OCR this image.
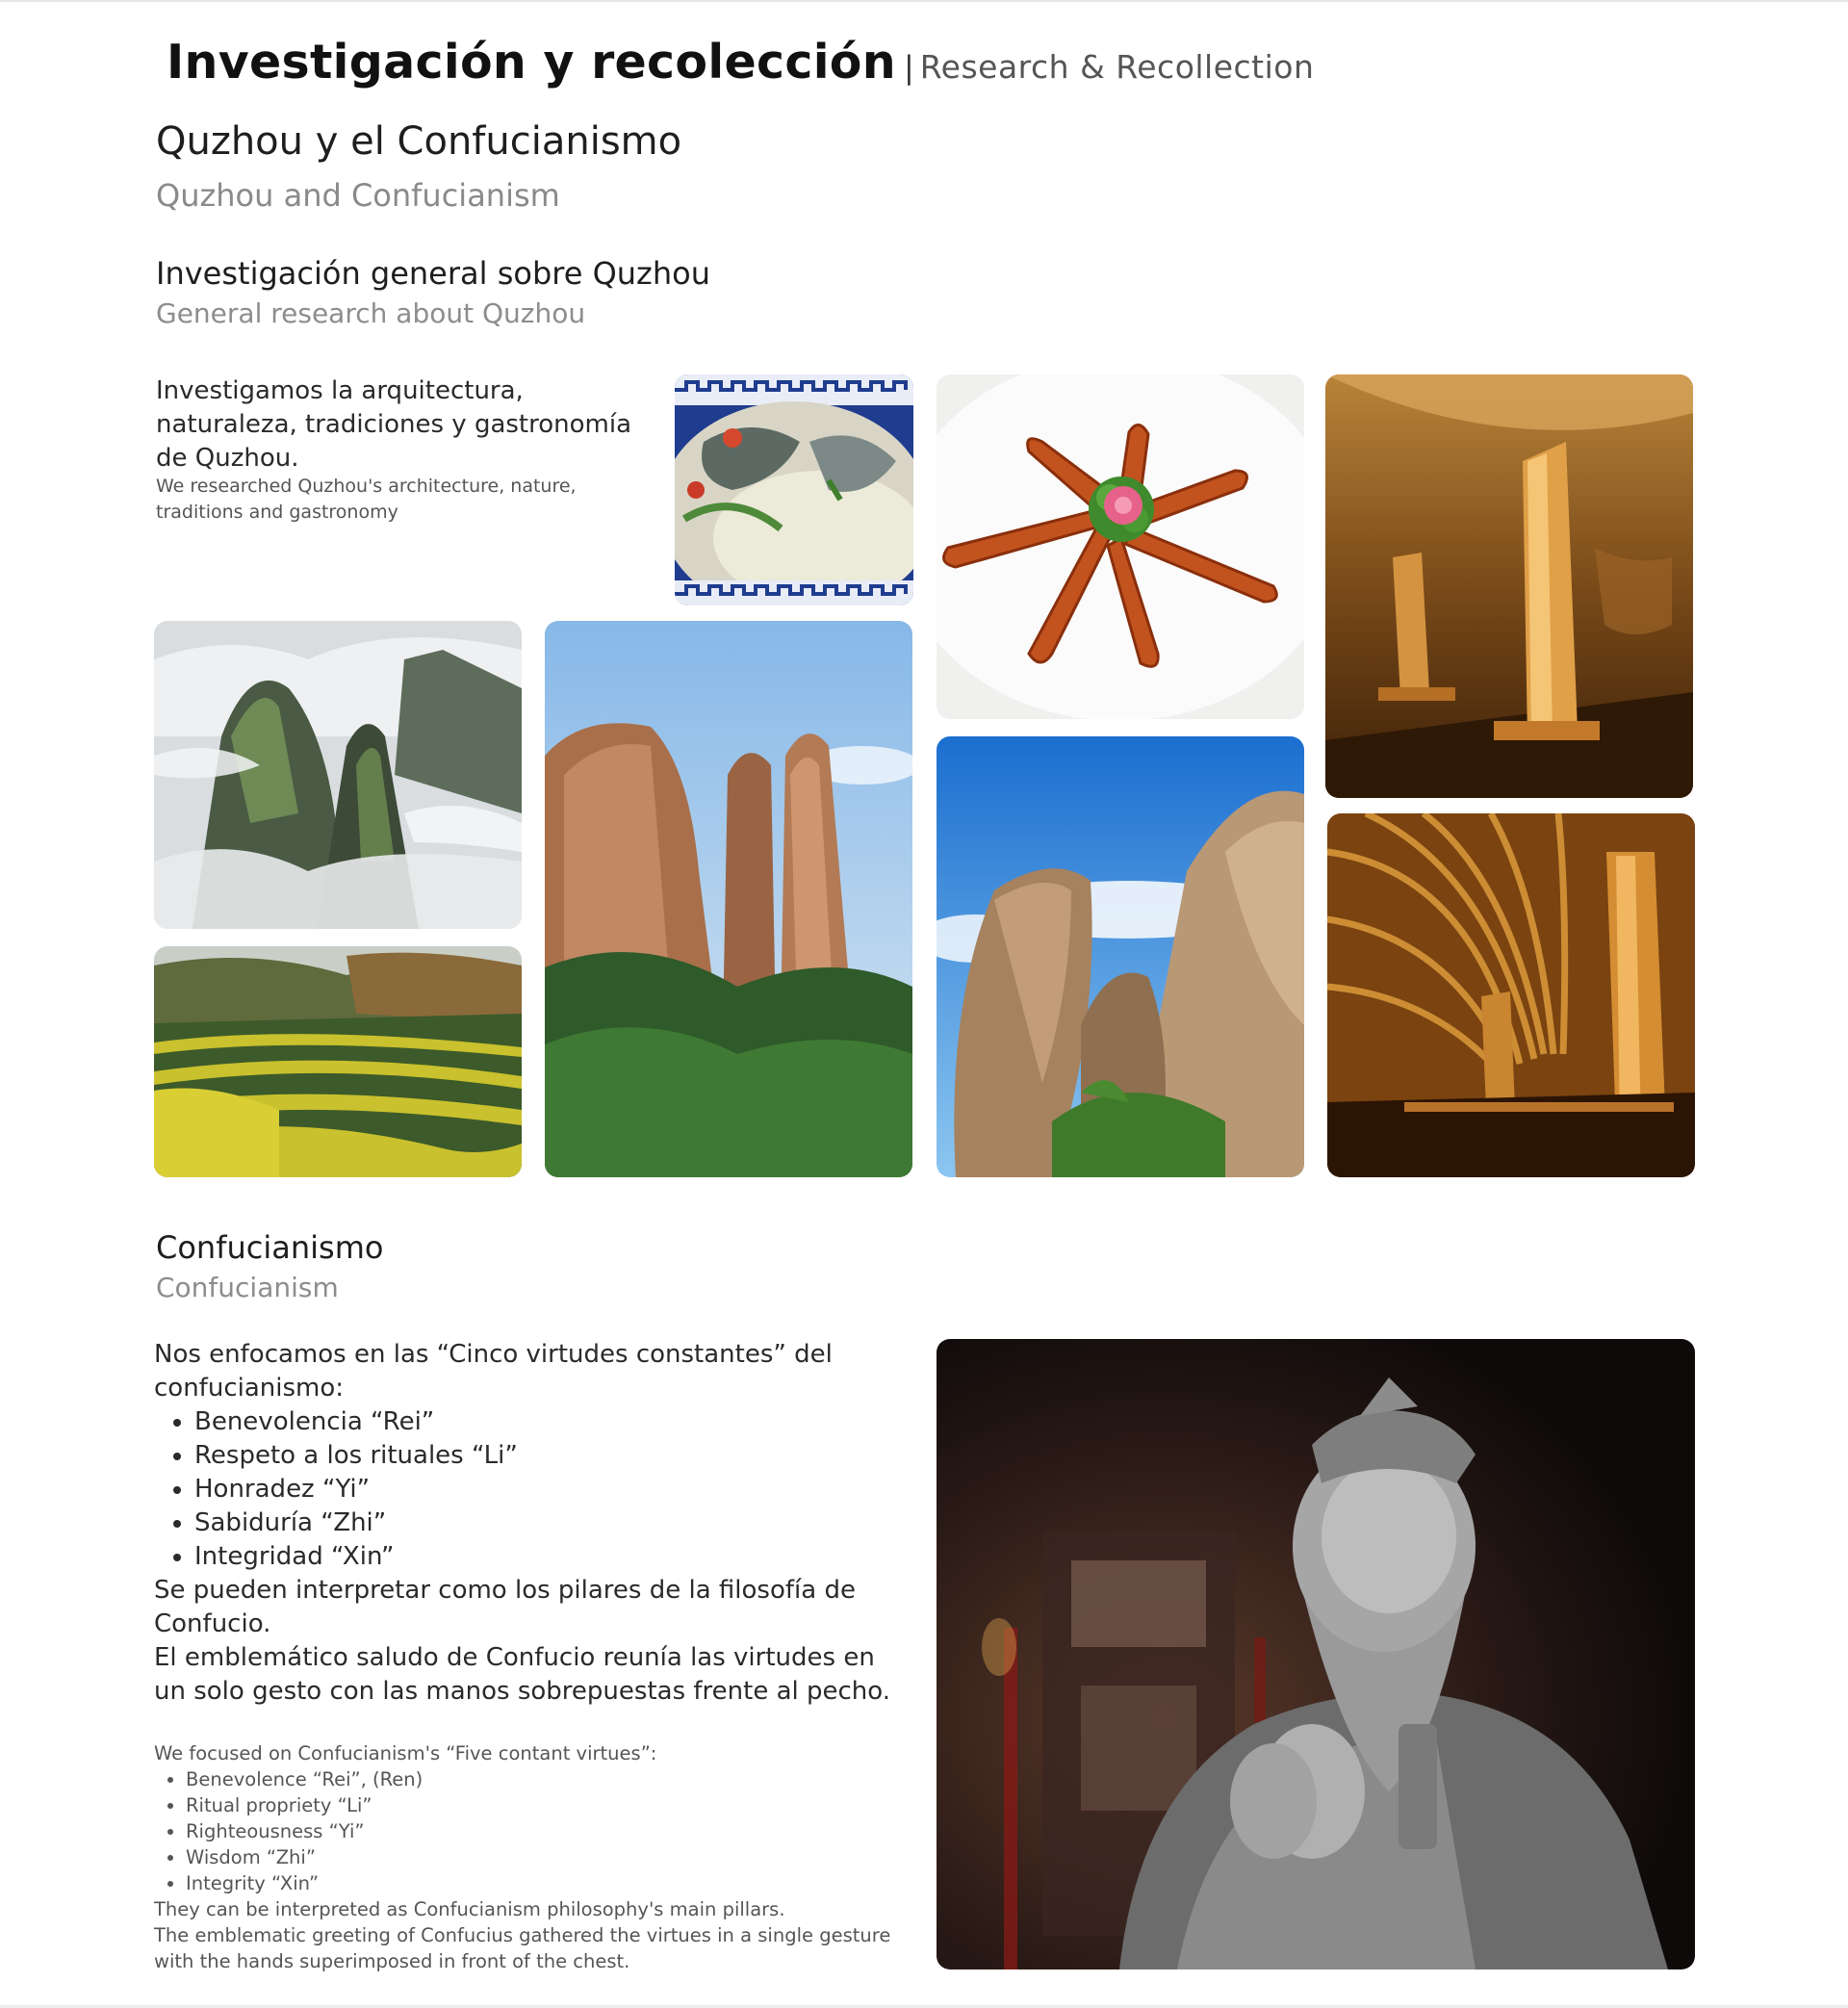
Investigación y recolección | Research & Recollection
Quzhou y el Confucianismo
Quzhou and Confucianism
Investigación general sobre Quzhou
General research about Quzhou
Investigamos la arquitectura, naturaleza, tradiciones y gastronomía de Quzhou.
We researched Quzhou's architecture, nature, traditions and gastronomy
Confucianismo
Confucianism

Nos enfocamos en las “Cinco virtudes constantes” del confucianismo:

• Benevolencia “Rei”
• Respeto a los rituales “Li”
• Honradez “Yi”
• Sabiduría “Zhi”
• Integridad “Xin”

Se pueden interpretar como los pilares de la filosofía de Confucio.

El emblemático saludo de Confucio reunía las virtudes en un solo gesto con las manos sobrepuestas frente al pecho.

We focused on Confucianism's “Five contant virtues”:

• Benevolence “Rei”, (Ren)
• Ritual propriety “Li”
• Righteousness “Yi”
• Wisdom “Zhi”
• Integrity “Xin”

They can be interpreted as Confucianism philosophy's main pillars.

The emblematic greeting of Confucius gathered the virtues in a single gesture with the hands superimposed in front of the chest.
